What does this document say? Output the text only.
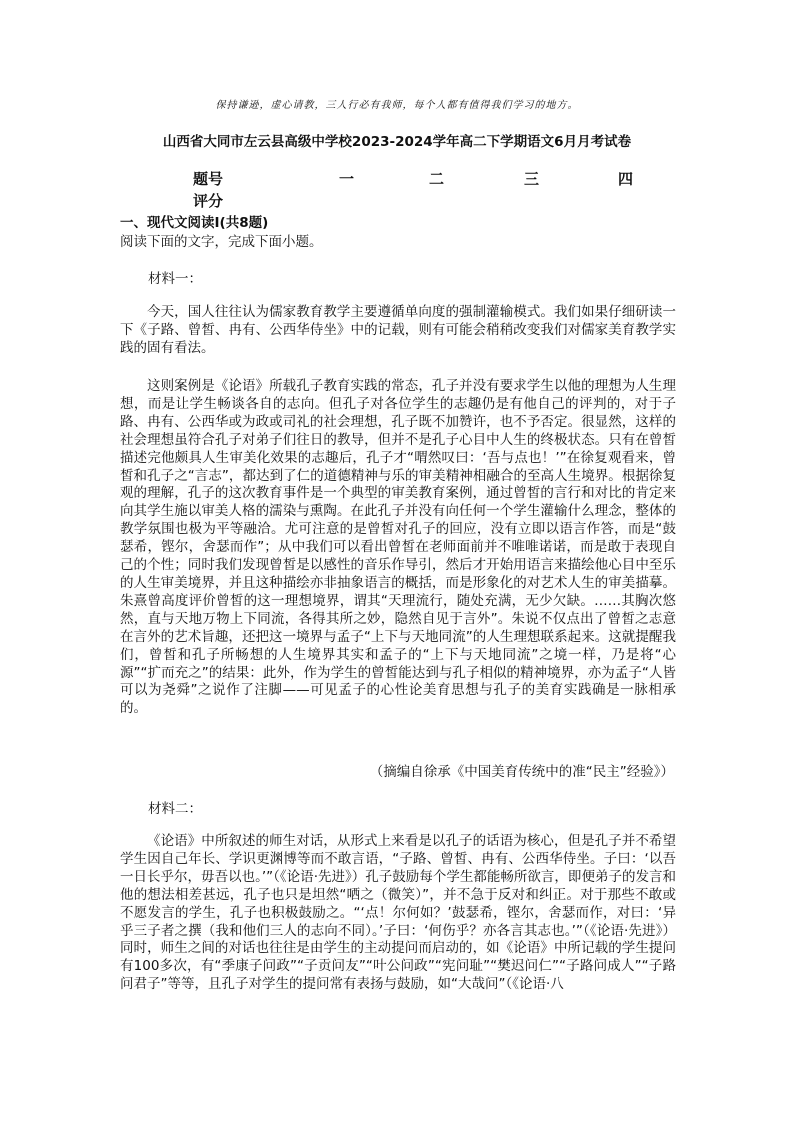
保持谦逊，虚心请教，三人行必有我师，每个人都有值得我们学习的地方。
山西省大同市左云县高级中学校2023-2024学年高二下学期语文6月月考试卷
题号	一	二	三	四
评分
一、现代文阅读Ⅰ(共8题)
阅读下面的文字，完成下面小题。
材料一：

今天，国人往往认为儒家教育教学主要遵循单向度的强制灌输模式。我们如果仔细研读一下《子路、曾皙、冉有、公西华侍坐》中的记载，则有可能会稍稍改变我们对儒家美育教学实践的固有看法。

这则案例是《论语》所载孔子教育实践的常态，孔子并没有要求学生以他的理想为人生理想，而是让学生畅谈各自的志向。但孔子对各位学生的志趣仍是有他自己的评判的，对于子路、冉有、公西华或为政或司礼的社会理想，孔子既不加赞许，也不予否定。很显然，这样的社会理想虽符合孔子对弟子们往日的教导，但并不是孔子心目中人生的终极状态。只有在曾皙描述完他颇具人生审美化效果的志趣后，孔子才“喟然叹曰：‘吾与点也！’”在徐复观看来，曾皙和孔子之“言志”，都达到了仁的道德精神与乐的审美精神相融合的至高人生境界。根据徐复观的理解，孔子的这次教育事件是一个典型的审美教育案例，通过曾皙的言行和对比的肯定来向其学生施以审美人格的濡染与熏陶。在此孔子并没有向任何一个学生灌输什么理念，整体的教学氛围也极为平等融洽。尤可注意的是曾皙对孔子的回应，没有立即以语言作答，而是“鼓瑟希，铿尔，舍瑟而作”；从中我们可以看出曾皙在老师面前并不唯唯诺诺，而是敢于表现自己的个性；同时我们发现曾皙是以感性的音乐作导引，然后才开始用语言来描绘他心目中至乐的人生审美境界，并且这种描绘亦非抽象语言的概括，而是形象化的对艺术人生的审美描摹。朱熹曾高度评价曾皙的这一理想境界，谓其“天理流行，随处充满，无少欠缺。……其胸次悠然，直与天地万物上下同流，各得其所之妙，隐然自见于言外”。朱说不仅点出了曾皙之志意在言外的艺术旨趣，还把这一境界与孟子“上下与天地同流”的人生理想联系起来。这就提醒我们，曾皙和孔子所畅想的人生境界其实和孟子的“上下与天地同流”之境一样，乃是将“心源”“扩而充之”的结果：此外，作为学生的曾皙能达到与孔子相似的精神境界，亦为孟子“人皆可以为尧舜”之说作了注脚——可见孟子的心性论美育思想与孔子的美育实践确是一脉相承的。

（摘编自徐承《中国美育传统中的准“民主”经验》）
材料二：

《论语》中所叙述的师生对话，从形式上来看是以孔子的话语为核心，但是孔子并不希望学生因自己年长、学识更渊博等而不敢言语，“子路、曾皙、冉有、公西华侍坐。子曰：‘以吾一日长乎尔，毋吾以也。’”（《论语·先进》）孔子鼓励每个学生都能畅所欲言，即便弟子的发言和他的想法相差甚远，孔子也只是坦然“哂之（微笑）”，并不急于反对和纠正。对于那些不敢或不愿发言的学生，孔子也积极鼓励之。“‘点！尔何如？’鼓瑟希，铿尔，舍瑟而作，对曰：‘异乎三子者之撰（我和他们三人的志向不同）。’子曰：‘何伤乎？亦各言其志也。’”（《论语·先进》）同时，师生之间的对话也往往是由学生的主动提问而启动的，如《论语》中所记载的学生提问有100多次，有“季康子问政”“子贡问友”“叶公问政”“宪问耻”“樊迟问仁”“子路问成人”“子路问君子”等等，且孔子对学生的提问常有表扬与鼓励，如“大哉问”（《论语·八
